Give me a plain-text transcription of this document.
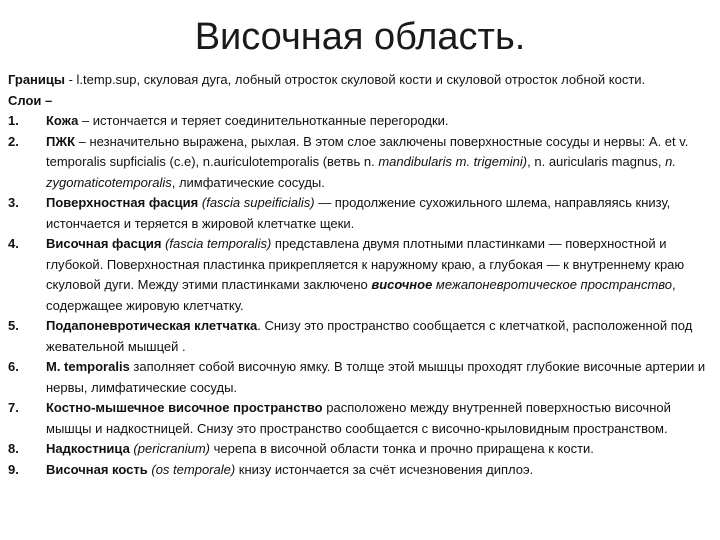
Височная область.

Границы - l.temp.sup, скуловая дуга, лобный отросток скуловой кости и скуловой отросток лобной кости.

Слои –

1.	Кожа – истончается и теряет соединительнотканные перегородки.
2.	ПЖК – незначительно выражена, рыхлая. В этом слое заключены поверхностные сосуды и нервы: A. et v. temporalis supficialis (c.e), n.auriculotemporalis (ветвь n. mandibularis m. trigemini), n. auricularis magnus, n. zygomaticotemporalis, лимфатические сосуды.
3.	Поверхностная фасция (fascia supeificialis) — продолжение сухожильного шлема, направляясь книзу, истончается и теряется в жировой клетчатке щеки.
4.	Височная фасция (fascia temporalis) представлена двумя плотными пластинками — поверхностной и глубокой. Поверхностная пластинка прикрепляется к наружному краю, а глубокая — к внутреннему краю скуловой дуги. Между этими пластинками заключено височное межапоневротическое пространство, содержащее жировую клетчатку.
5.	Подапоневротическая клетчатка. Снизу это пространство сообщается с клетчаткой, расположенной под жевательной мышцей .
6.	M. temporalis заполняет собой височную ямку. В толще этой мышцы проходят глубокие височные артерии и нервы, лимфатические сосуды.
7.	Костно-мышечное височное пространство расположено между внутренней поверхностью височной мышцы и надкостницей. Снизу это пространство сообщается с височно-крыловидным пространством.
8.	Надкостница (pericranium) черепа в височной области тонка и прочно приращена к кости.
9.	Височная кость (os temporale) книзу истончается за счёт исчезновения диплоэ.
